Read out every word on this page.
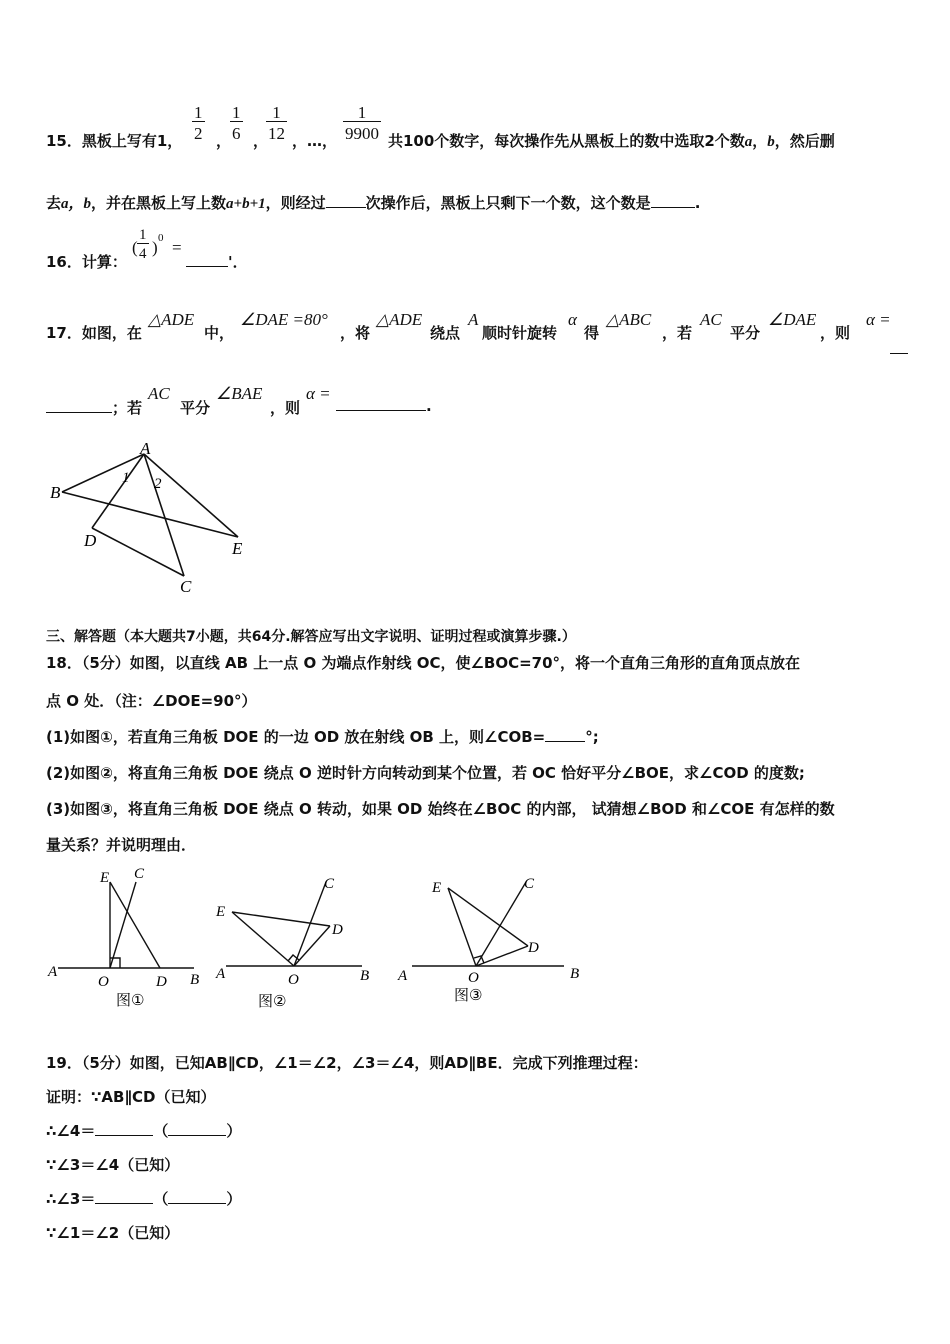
15．黑板上写有1， $\frac{1}{2}$ ，
$\frac{1}{6}$ ，
$\frac{1}{12}$ ，…， $\frac{1}{9900}$ 共100个数字，每次操作先从黑板上的数中选取2个数a，b，然后删
去a，b，并在黑板上写上数a+b+1，则经过	次操作后，黑板上只剩下一个数，这个数是	.
16．计算：
( $\frac{1}{4}$ ) 0 =
'．
17．如图，在
△ADE
中，
∠DAE =80°
，将
△ADE
绕点
A
顺时针旋转
α
得
△ABC
，若
AC
平分
∠DAE
，则
α =
；若
AC
平分
∠BAE
，则
α =
.
A
B
D	E
C
1 2
三、解答题（本大题共7小题，共64分.解答应写出文字说明、证明过程或演算步骤.）
18．（5分）如图，以直线 AB 上一点 O 为端点作射线 OC，使∠BOC=70°，将一个直角三角形的直角顶点放在
点 O 处．（注：∠DOE=90°）
(1)如图①，若直角三角板 DOE 的一边 OD 放在射线 OB 上，则∠COB=	°;
(2)如图②，将直角三角板 DOE 绕点 O 逆时针方向转动到某个位置，若 OC 恰好平分∠BOE，求∠COD 的度数;
(3)如图③，将直角三角板 DOE 绕点 O 转动，如果 OD 始终在∠BOC 的内部， 试猜想∠BOD 和∠COE 有怎样的数
量关系？并说明理由．
E C
A
O	D B
图①
E
C
D
A	O	B
图②
E	C
D
A	O	B
图③
19．（5分）如图，已知AB∥CD，∠1＝∠2，∠3＝∠4，则AD∥BE．完成下列推理过程：
证明：∵AB∥CD（已知）
∴∠4＝	（	）
∵∠3＝∠4（已知）
∴∠3＝	（	）
∵∠1＝∠2（已知）
